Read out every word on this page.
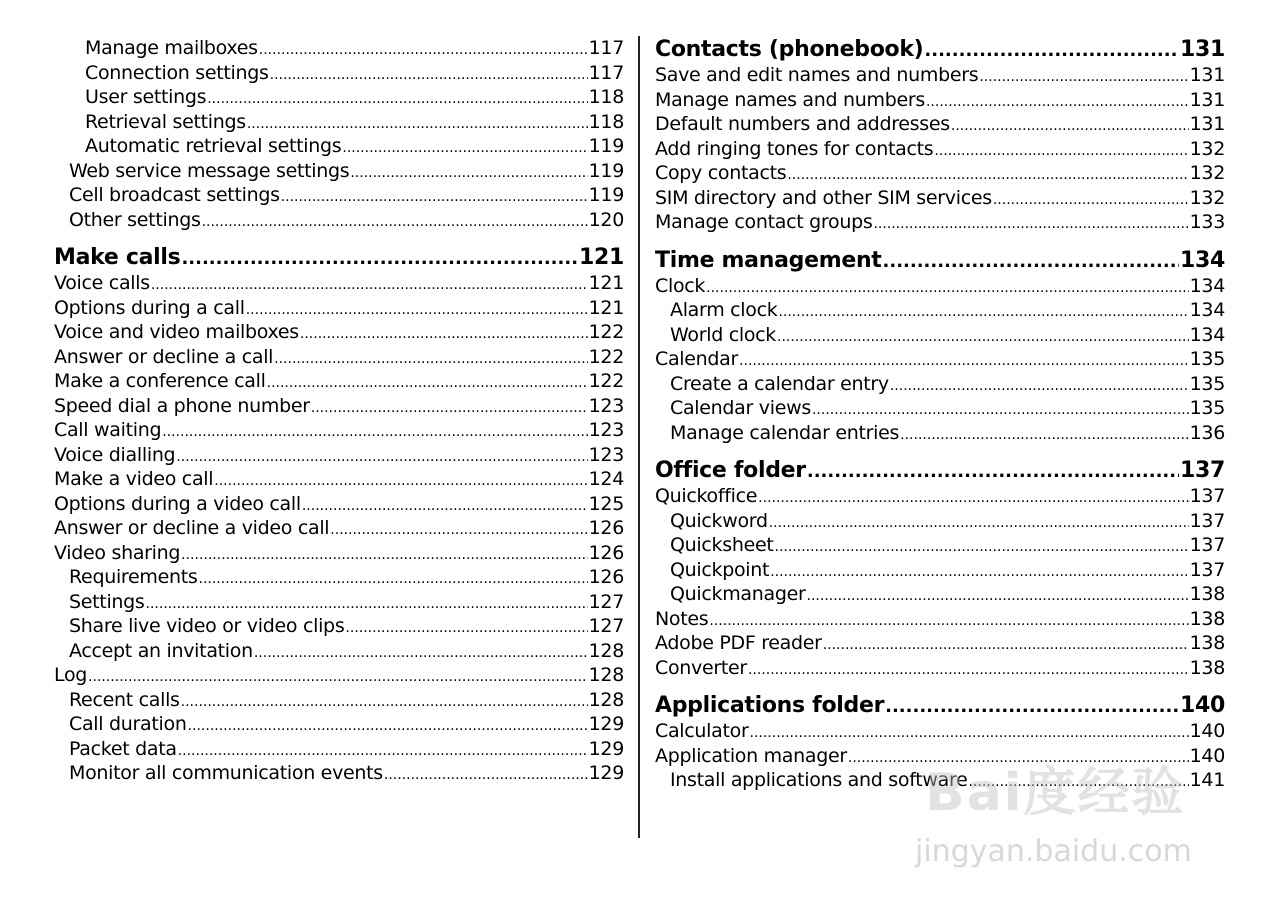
Manage mailboxes .....	117
Connection settings .....	117
User settings .....	118
Retrieval settings .....	118
Automatic retrieval settings .....	119
Web service message settings .....	119
Cell broadcast settings .....	119
Other settings .....	120
Make calls .....	121
Voice calls .....	121
Options during a call .....	121
Voice and video mailboxes .....	122
Answer or decline a call .....	122
Make a conference call .....	122
Speed dial a phone number .....	123
Call waiting .....	123
Voice dialling .....	123
Make a video call .....	124
Options during a video call .....	125
Answer or decline a video call .....	126
Video sharing .....	126
Requirements .....	126
Settings .....	127
Share live video or video clips .....	127
Accept an invitation .....	128
Log .....	128
Recent calls .....	128
Call duration .....	129
Packet data .....	129
Monitor all communication events .....	129
Contacts (phonebook) .....	131
Save and edit names and numbers .....	131
Manage names and numbers .....	131
Default numbers and addresses .....	131
Add ringing tones for contacts .....	132
Copy contacts .....	132
SIM directory and other SIM services .....	132
Manage contact groups .....	133
Time management .....	134
Clock .....	134
Alarm clock .....	134
World clock .....	134
Calendar .....	135
Create a calendar entry .....	135
Calendar views .....	135
Manage calendar entries .....	136
Office folder .....	137
Quickoffice .....	137
Quickword .....	137
Quicksheet .....	137
Quickpoint .....	137
Quickmanager .....	138
Notes .....	138
Adobe PDF reader .....	138
Converter .....	138
Applications folder .....	140
Calculator .....	140
Application manager .....	140
Install applications and software .....	141
Bai度经验
jingyan.baidu.com
